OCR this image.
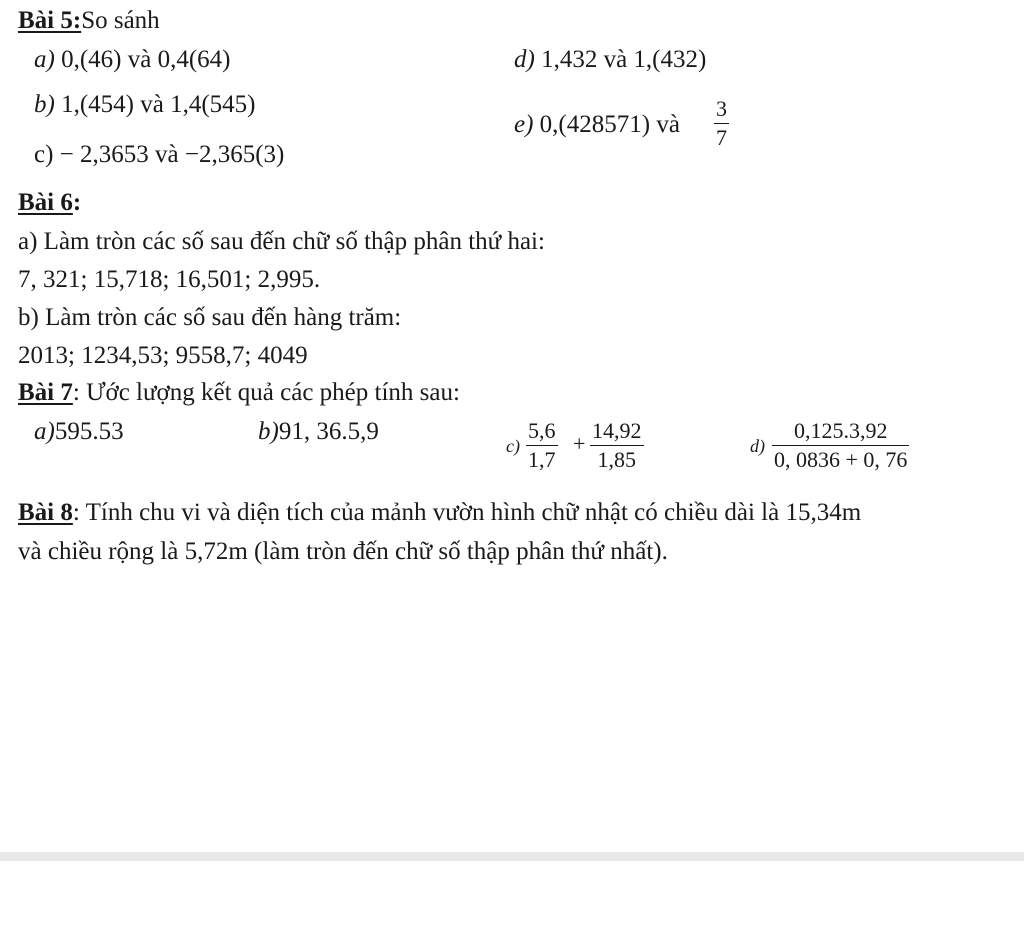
Bài 5:So sánh
a) 0,(46) và 0,4(64)
b) 1,(454) và 1,4(545)
c) − 2,3653 và −2,365(3)
d) 1,432 và 1,(432)
e) 0,(428571) và $\frac{3}{7}$
Bài 6:
a) Làm tròn các số sau đến chữ số thập phân thứ hai:
7, 321; 15,718; 16,501; 2,995.
b) Làm tròn các số sau đến hàng trăm:
2013; 1234,53; 9558,7; 4049
Bài 7: Ước lượng kết quả các phép tính sau:
a)595.53	b)91, 36.5,9
$c) \frac{5,6}{1,7} + \frac{14,92}{1,85}$	$d) \frac{0,125.3,92}{0, 0836 + 0, 76}$
Bài 8: Tính chu vi và diện tích của mảnh vườn hình chữ nhật có chiều dài là 15,34m
và chiều rộng là 5,72m (làm tròn đến chữ số thập phân thứ nhất).
